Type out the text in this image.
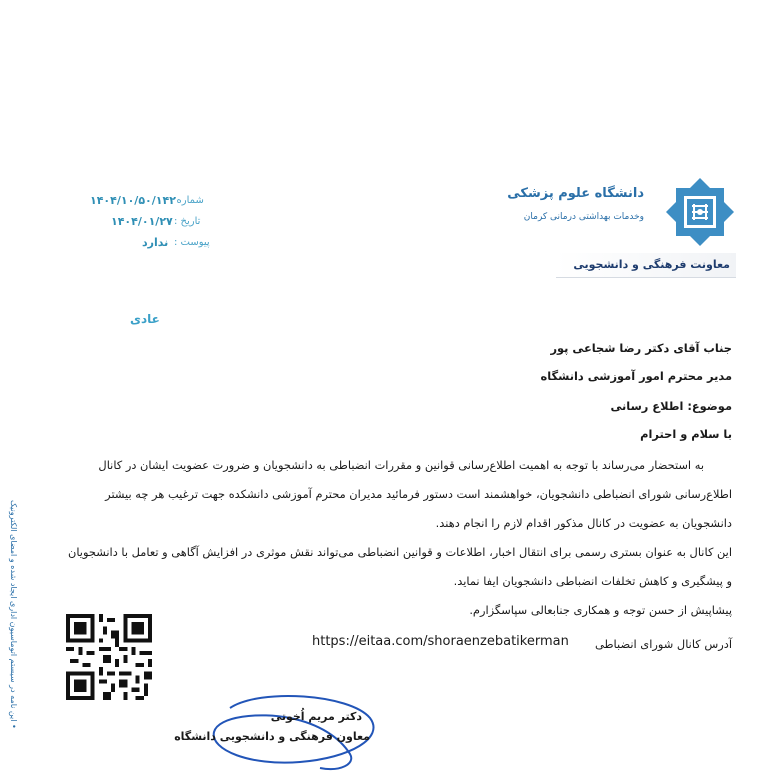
دانشگاه علوم پزشکی
وخدمات بهداشتی درمانی کرمان
معاونت فرهنگی و دانشجویی
شماره :
۱۴۰۴/۱۰/۵۰/۱۴۲
تاریخ :
۱۴۰۴/۰۱/۲۷
پیوست :
ندارد
عادی
جناب آقای دکتر رضا شجاعی پور
مدیر محترم امور آموزشی دانشگاه
موضوع: اطلاع رسانی
با سلام و احترام
به استحضار می‌رساند با توجه به اهمیت اطلاع‌رسانی قوانین و مقررات انضباطی به دانشجویان و ضرورت عضویت ایشان در کانال
اطلاع‌رسانی شورای انضباطی دانشجویان، خواهشمند است دستور فرمائید مدیران محترم آموزشی دانشکده جهت ترغیب هر چه بیشتر
دانشجویان به عضویت در کانال مذکور اقدام لازم را انجام دهند.
این کانال به عنوان بستری رسمی برای انتقال اخبار، اطلاعات و قوانین انضباطی می‌تواند نقش موثری در افزایش آگاهی و تعامل با دانشجویان
و پیشگیری و کاهش تخلفات انضباطی دانشجویان ایفا نماید.
پیشاپیش از حسن توجه و همکاری جنابعالی سپاسگزارم.
آدرس کانال شورای انضباطی
https://eitaa.com/shoraenzebatikerman
• این نامه در سیستم اتوماسیون اداری ایجاد شده و امضای الکترونیک	دکتر مریم اُخوتی
معاون فرهنگی و دانشجویی دانشگاه
